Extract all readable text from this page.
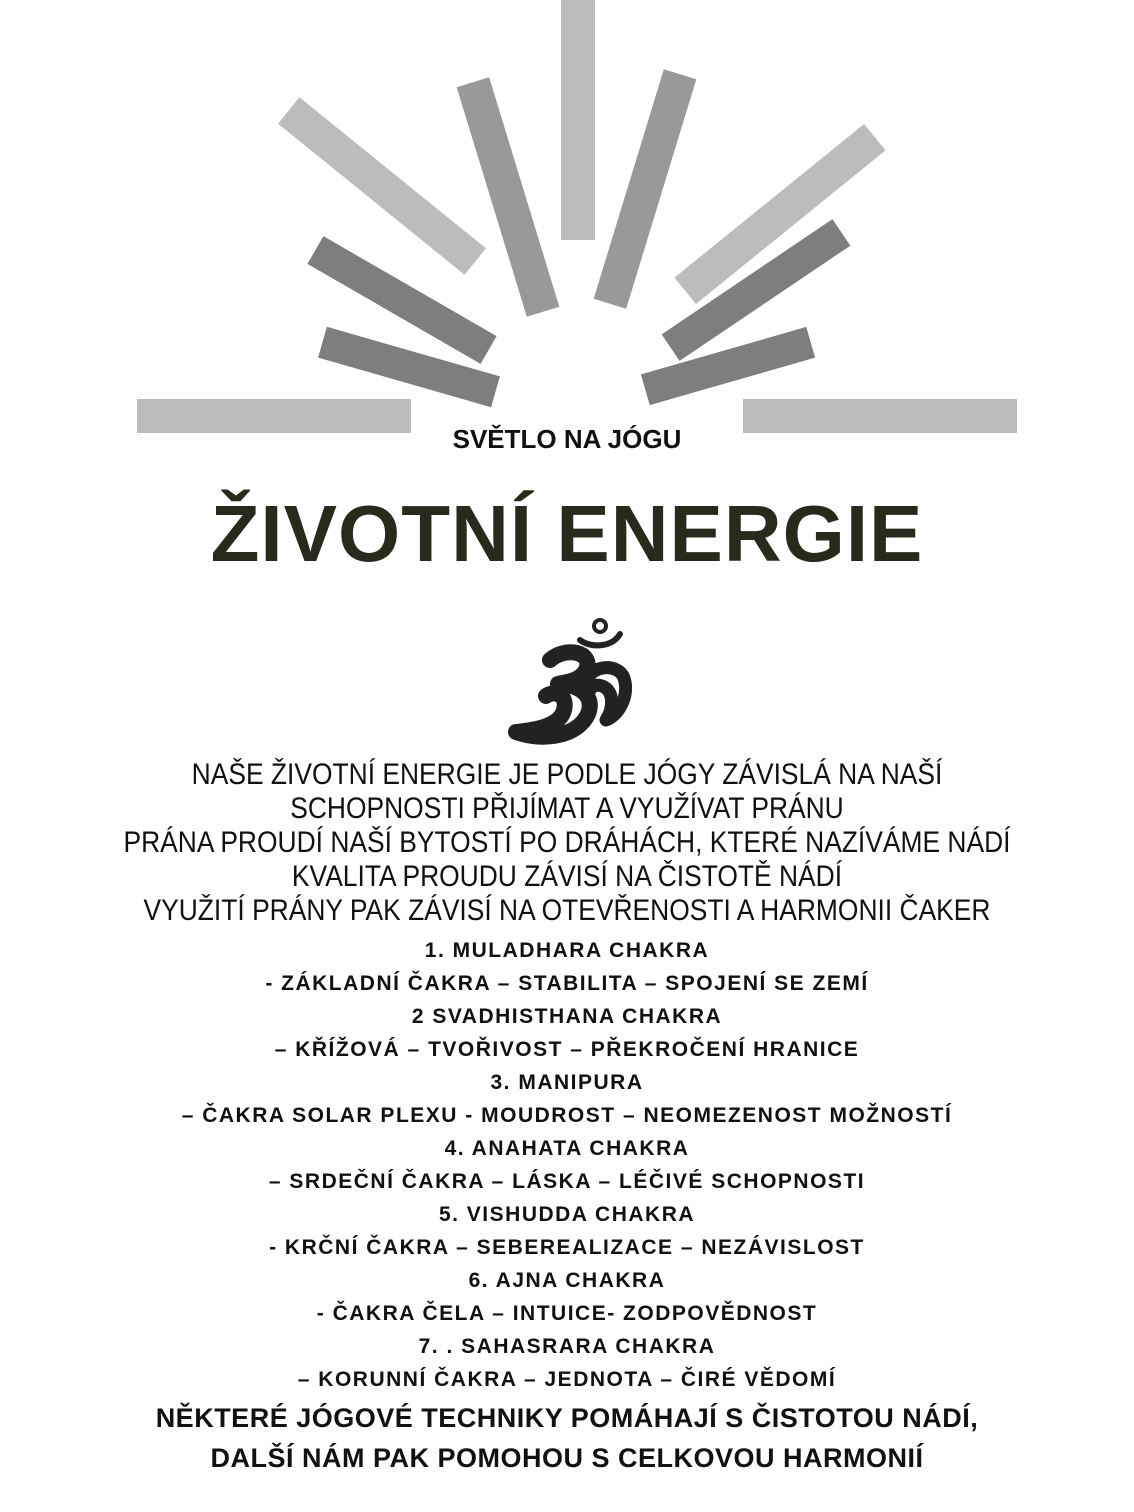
SVĚTLO NA JÓGU
ŽIVOTNÍ ENERGIE
NAŠE ŽIVOTNÍ ENERGIE JE PODLE JÓGY ZÁVISLÁ NA NAŠÍ
SCHOPNOSTI PŘIJÍMAT A VYUŽÍVAT PRÁNU
PRÁNA PROUDÍ NAŠÍ BYTOSTÍ PO DRÁHÁCH, KTERÉ NAZÍVÁME NÁDÍ
KVALITA PROUDU ZÁVISÍ NA ČISTOTĚ NÁDÍ
VYUŽITÍ PRÁNY PAK ZÁVISÍ NA OTEVŘENOSTI A HARMONII ČAKER
1. MULADHARA CHAKRA
- ZÁKLADNÍ ČAKRA – STABILITA – SPOJENÍ SE ZEMÍ
2 SVADHISTHANA CHAKRA
– KŘÍŽOVÁ – TVOŘIVOST – PŘEKROČENÍ HRANICE
3. MANIPURA
– ČAKRA SOLAR PLEXU - MOUDROST – NEOMEZENOST MOŽNOSTÍ
4. ANAHATA CHAKRA
– SRDEČNÍ ČAKRA – LÁSKA – LÉČIVÉ SCHOPNOSTI
5. VISHUDDA CHAKRA
- KRČNÍ ČAKRA – SEBEREALIZACE – NEZÁVISLOST
6. AJNA CHAKRA
- ČAKRA ČELA – INTUICE- ZODPOVĚDNOST
7. . SAHASRARA CHAKRA
– KORUNNÍ ČAKRA – JEDNOTA – ČIRÉ VĚDOMÍ
NĚKTERÉ JÓGOVÉ TECHNIKY POMÁHAJÍ S ČISTOTOU NÁDÍ,
DALŠÍ NÁM PAK POMOHOU S CELKOVOU HARMONIÍ
